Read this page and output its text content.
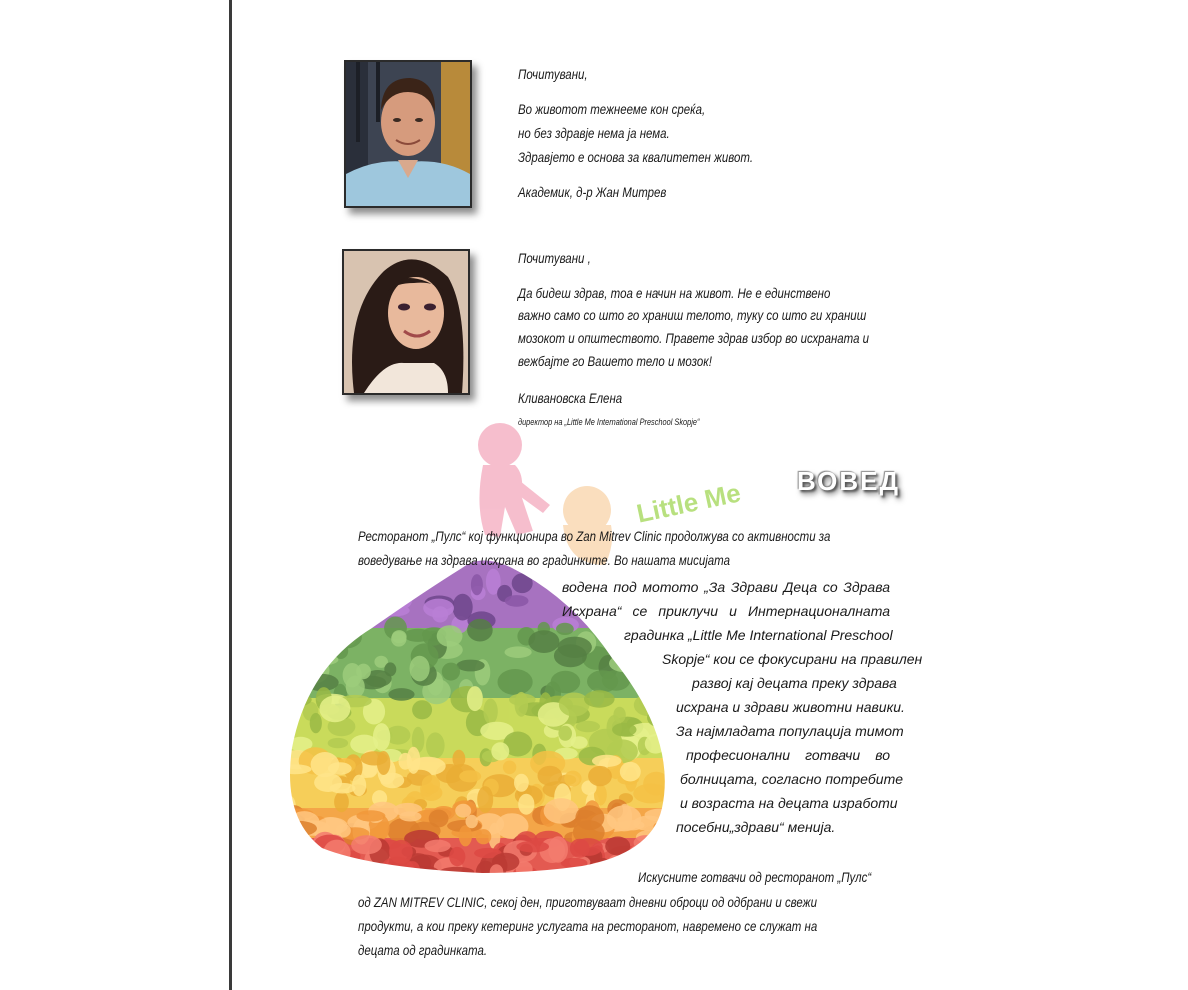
Почитувани,
Во животот тежнееме кон среќа,
но без здравје нема ја нема.
Здравјето е основа за квалитетен живот.
Академик, д-р Жан Митрев
Почитувани ,
Да бидеш здрав, тоа е начин на живот. Не е единствено
важно само со што го храниш телото, туку со што ги храниш
мозокот и општеството. Правете здрав избор во исхраната и
вежбајте го Вашето тело и мозок!
Кливановска Елена
директор на „Little Me International Preschool Skopje“
Little Me ВОВЕД
Ресторанот „Пулс“ кој функционира во Zan Mitrev Clinic продолжува со активности за
воведување на здрава исхрана во градинките. Во нашата мисијата
водена под мотото „За Здрави Деца со Здрава
Исхрана“ се приклучи и Интернационалната
градинка „Little Me International Preschool
Skopje“ кои се фокусирани на правилен
развој кај децата преку здрава
исхрана и здрави животни навики.
За најмладата популација тимот
професионални готвачи во
болницата, согласно потребите
и возраста на децата изработи
посебни„здрави“ менија.
Искусните готвачи од ресторанот „Пулс“
од ZAN MITREV CLINIC, секој ден, приготвуваат дневни оброци од одбрани и свежи
продукти, а кои преку кетеринг услугата на ресторанот, навремено се служат на
децата од градинката.
